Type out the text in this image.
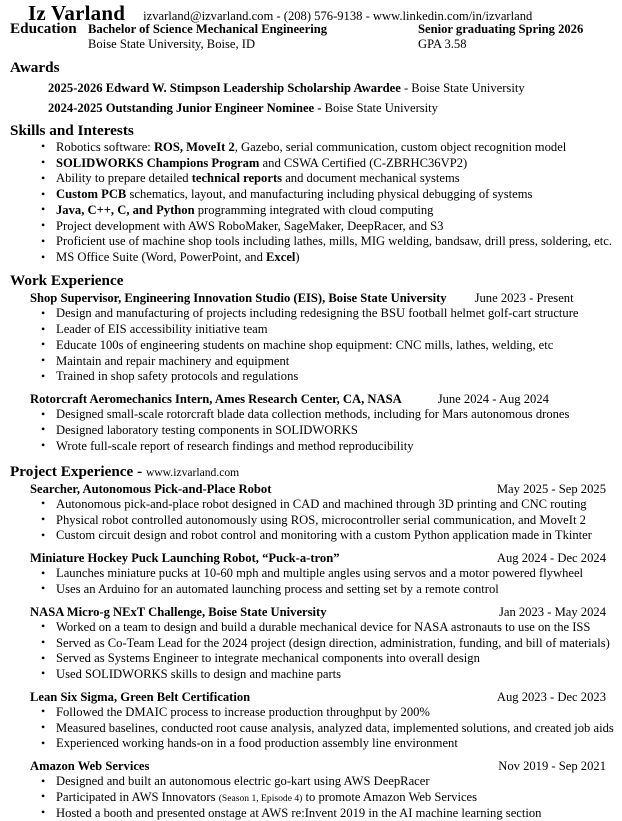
Iz Varland izvarland@izvarland.com - (208) 576-9138 - www.linkedin.com/in/izvarland
Education Bachelor of Science Mechanical Engineering	Senior graduating Spring 2026
Boise State University, Boise, ID	GPA 3.58
Awards
2025-2026 Edward W. Stimpson Leadership Scholarship Awardee - Boise State University
2024-2025 Outstanding Junior Engineer Nominee - Boise State University
Skills and Interests
• Robotics software: ROS, MoveIt 2, Gazebo, serial communication, custom object recognition model
• SOLIDWORKS Champions Program and CSWA Certified (C-ZBRHC36VP2)
• Ability to prepare detailed technical reports and document mechanical systems
• Custom PCB schematics, layout, and manufacturing including physical debugging of systems
• Java, C++, C, and Python programming integrated with cloud computing
• Project development with AWS RoboMaker, SageMaker, DeepRacer, and S3
• Proficient use of machine shop tools including lathes, mills, MIG welding, bandsaw, drill press, soldering, etc.
• MS Office Suite (Word, PowerPoint, and Excel)
Work Experience
Shop Supervisor, Engineering Innovation Studio (EIS), Boise State University June 2023 - Present
• Design and manufacturing of projects including redesigning the BSU football helmet golf-cart structure
• Leader of EIS accessibility initiative team
• Educate 100s of engineering students on machine shop equipment: CNC mills, lathes, welding, etc
• Maintain and repair machinery and equipment
• Trained in shop safety protocols and regulations
Rotorcraft Aeromechanics Intern, Ames Research Center, CA, NASA	June 2024 - Aug 2024
• Designed small-scale rotorcraft blade data collection methods, including for Mars autonomous drones
• Designed laboratory testing components in SOLIDWORKS
• Wrote full-scale report of research findings and method reproducibility
Project Experience - www.izvarland.com
Searcher, Autonomous Pick-and-Place Robot	May 2025 - Sep 2025
• Autonomous pick-and-place robot designed in CAD and machined through 3D printing and CNC routing
• Physical robot controlled autonomously using ROS, microcontroller serial communication, and MoveIt 2
• Custom circuit design and robot control and monitoring with a custom Python application made in Tkinter
Miniature Hockey Puck Launching Robot, “Puck-a-tron”	Aug 2024 - Dec 2024
• Launches miniature pucks at 10-60 mph and multiple angles using servos and a motor powered flywheel
• Uses an Arduino for an automated launching process and setting set by a remote control
NASA Micro-g NExT Challenge, Boise State University	Jan 2023 - May 2024
• Worked on a team to design and build a durable mechanical device for NASA astronauts to use on the ISS
• Served as Co-Team Lead for the 2024 project (design direction, administration, funding, and bill of materials)
• Served as Systems Engineer to integrate mechanical components into overall design
• Used SOLIDWORKS skills to design and machine parts
Lean Six Sigma, Green Belt Certification	Aug 2023 - Dec 2023
• Followed the DMAIC process to increase production throughput by 200%
• Measured baselines, conducted root cause analysis, analyzed data, implemented solutions, and created job aids
• Experienced working hands-on in a food production assembly line environment
Amazon Web Services	Nov 2019 - Sep 2021
• Designed and built an autonomous electric go-kart using AWS DeepRacer
• Participated in AWS Innovators (Season 1, Episode 4) to promote Amazon Web Services
• Hosted a booth and presented onstage at AWS re:Invent 2019 in the AI machine learning section
